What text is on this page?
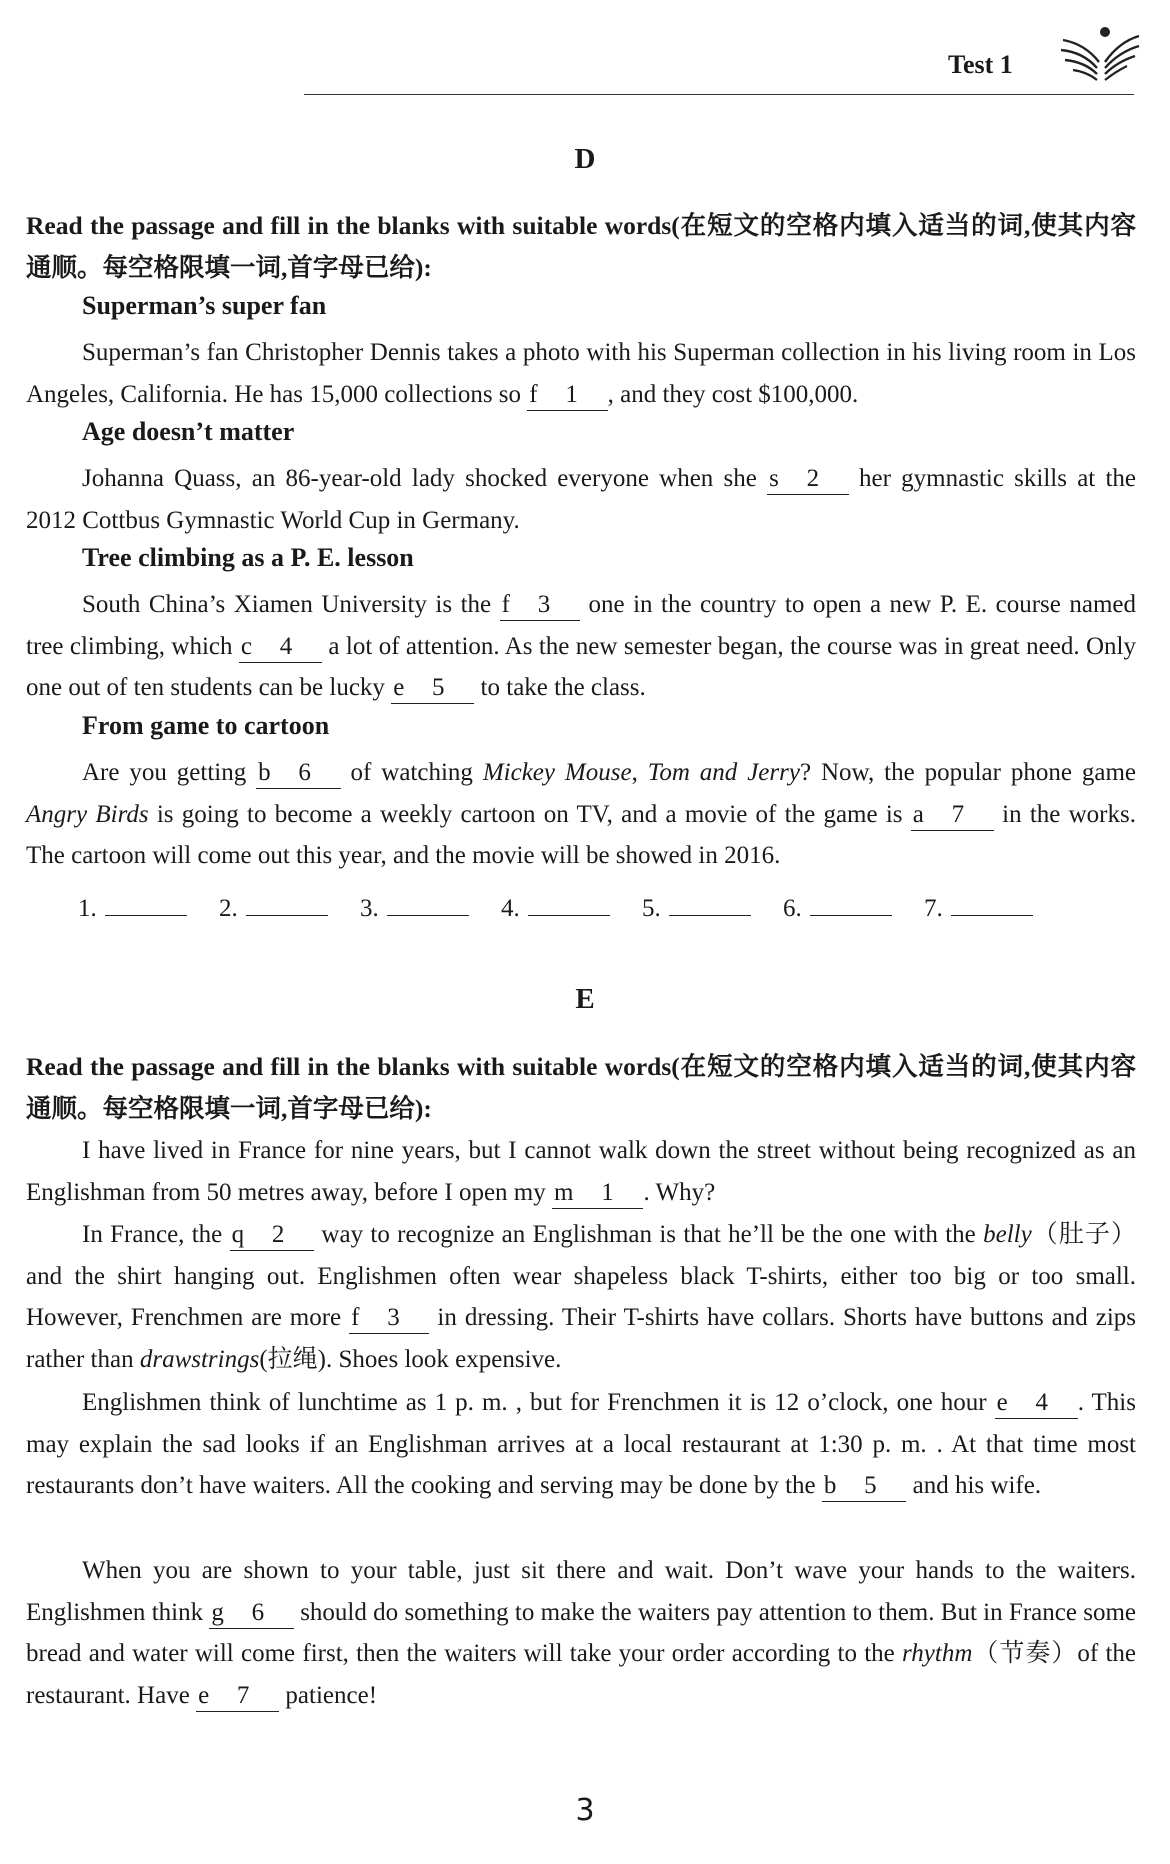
Test 1
D
Read the passage and fill in the blanks with suitable words(在短文的空格内填入适当的词,使其内容通顺。每空格限填一词,首字母已给):
Superman’s super fan
Superman’s fan Christopher Dennis takes a photo with his Superman collection in his living room in Los Angeles, California. He has 15,000 collections so f 1 , and they cost $100,000.
Age doesn’t matter
Johanna Quass, an 86-year-old lady shocked everyone when she s 2 her gymnastic skills at the 2012 Cottbus Gymnastic World Cup in Germany.
Tree climbing as a P. E. lesson
South China’s Xiamen University is the f 3 one in the country to open a new P. E. course named tree climbing, which c 4 a lot of attention. As the new semester began, the course was in great need. Only one out of ten students can be lucky e 5 to take the class.
From game to cartoon
Are you getting b 6 of watching Mickey Mouse, Tom and Jerry? Now, the popular phone game Angry Birds is going to become a weekly cartoon on TV, and a movie of the game is a 7 in the works. The cartoon will come out this year, and the movie will be showed in 2016.
1.	2.	3.	4.	5.	6.	7.
E
Read the passage and fill in the blanks with suitable words(在短文的空格内填入适当的词,使其内容通顺。每空格限填一词,首字母已给):
I have lived in France for nine years, but I cannot walk down the street without being recognized as an Englishman from 50 metres away, before I open my m 1 . Why?
In France, the q 2 way to recognize an Englishman is that he’ll be the one with the belly（肚子）and the shirt hanging out. Englishmen often wear shapeless black T-shirts, either too big or too small. However, Frenchmen are more f 3 in dressing. Their T-shirts have collars. Shorts have buttons and zips rather than drawstrings(拉绳). Shoes look expensive.
Englishmen think of lunchtime as 1 p. m. , but for Frenchmen it is 12 o’clock, one hour e 4 . This may explain the sad looks if an Englishman arrives at a local restaurant at 1:30 p. m. . At that time most restaurants don’t have waiters. All the cooking and serving may be done by the b 5 and his wife.
When you are shown to your table, just sit there and wait. Don’t wave your hands to the waiters. Englishmen think g 6 should do something to make the waiters pay attention to them. But in France some bread and water will come first, then the waiters will take your order according to the rhythm（节奏）of the restaurant. Have e 7 patience!
3
